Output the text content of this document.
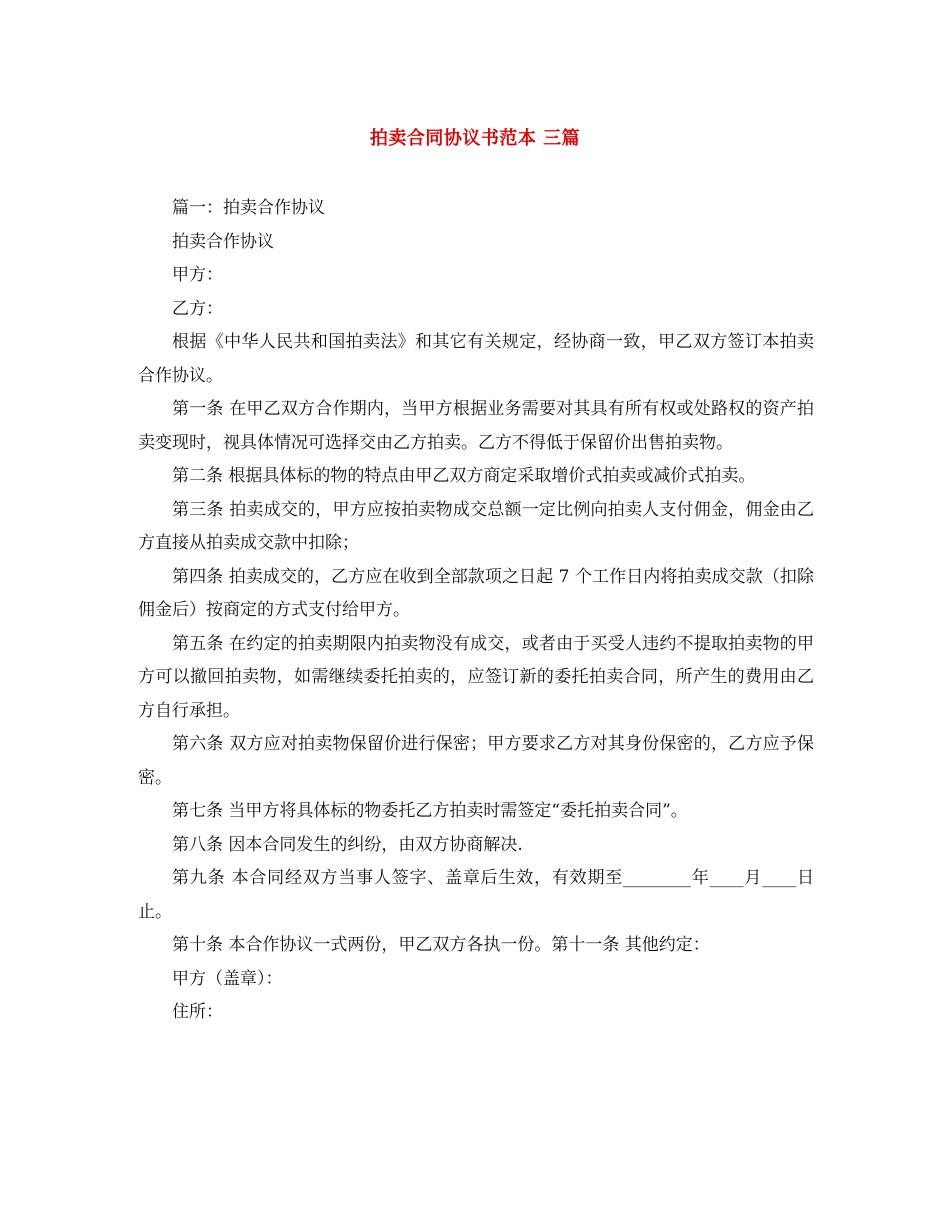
拍卖合同协议书范本 三篇

篇一：拍卖合作协议

拍卖合作协议

甲方：

乙方：

根据《中华人民共和国拍卖法》和其它有关规定，经协商一致，甲乙双方签订本拍卖合作协议。

第一条 在甲乙双方合作期内，当甲方根据业务需要对其具有所有权或处路权的资产拍卖变现时，视具体情况可选择交由乙方拍卖。乙方不得低于保留价出售拍卖物。

第二条 根据具体标的物的特点由甲乙双方商定采取增价式拍卖或减价式拍卖。

第三条 拍卖成交的，甲方应按拍卖物成交总额一定比例向拍卖人支付佣金，佣金由乙方直接从拍卖成交款中扣除；

第四条 拍卖成交的，乙方应在收到全部款项之日起 7 个工作日内将拍卖成交款（扣除佣金后）按商定的方式支付给甲方。

第五条 在约定的拍卖期限内拍卖物没有成交，或者由于买受人违约不提取拍卖物的甲方可以撤回拍卖物，如需继续委托拍卖的，应签订新的委托拍卖合同，所产生的费用由乙方自行承担。

第六条 双方应对拍卖物保留价进行保密；甲方要求乙方对其身份保密的，乙方应予保密。

第七条 当甲方将具体标的物委托乙方拍卖时需签定“委托拍卖合同”。

第八条 因本合同发生的纠纷，由双方协商解决.

第九条 本合同经双方当事人签字、盖章后生效，有效期至________年____月____日止。

第十条 本合作协议一式两份，甲乙双方各执一份。第十一条 其他约定：

甲方（盖章）：

住所：
